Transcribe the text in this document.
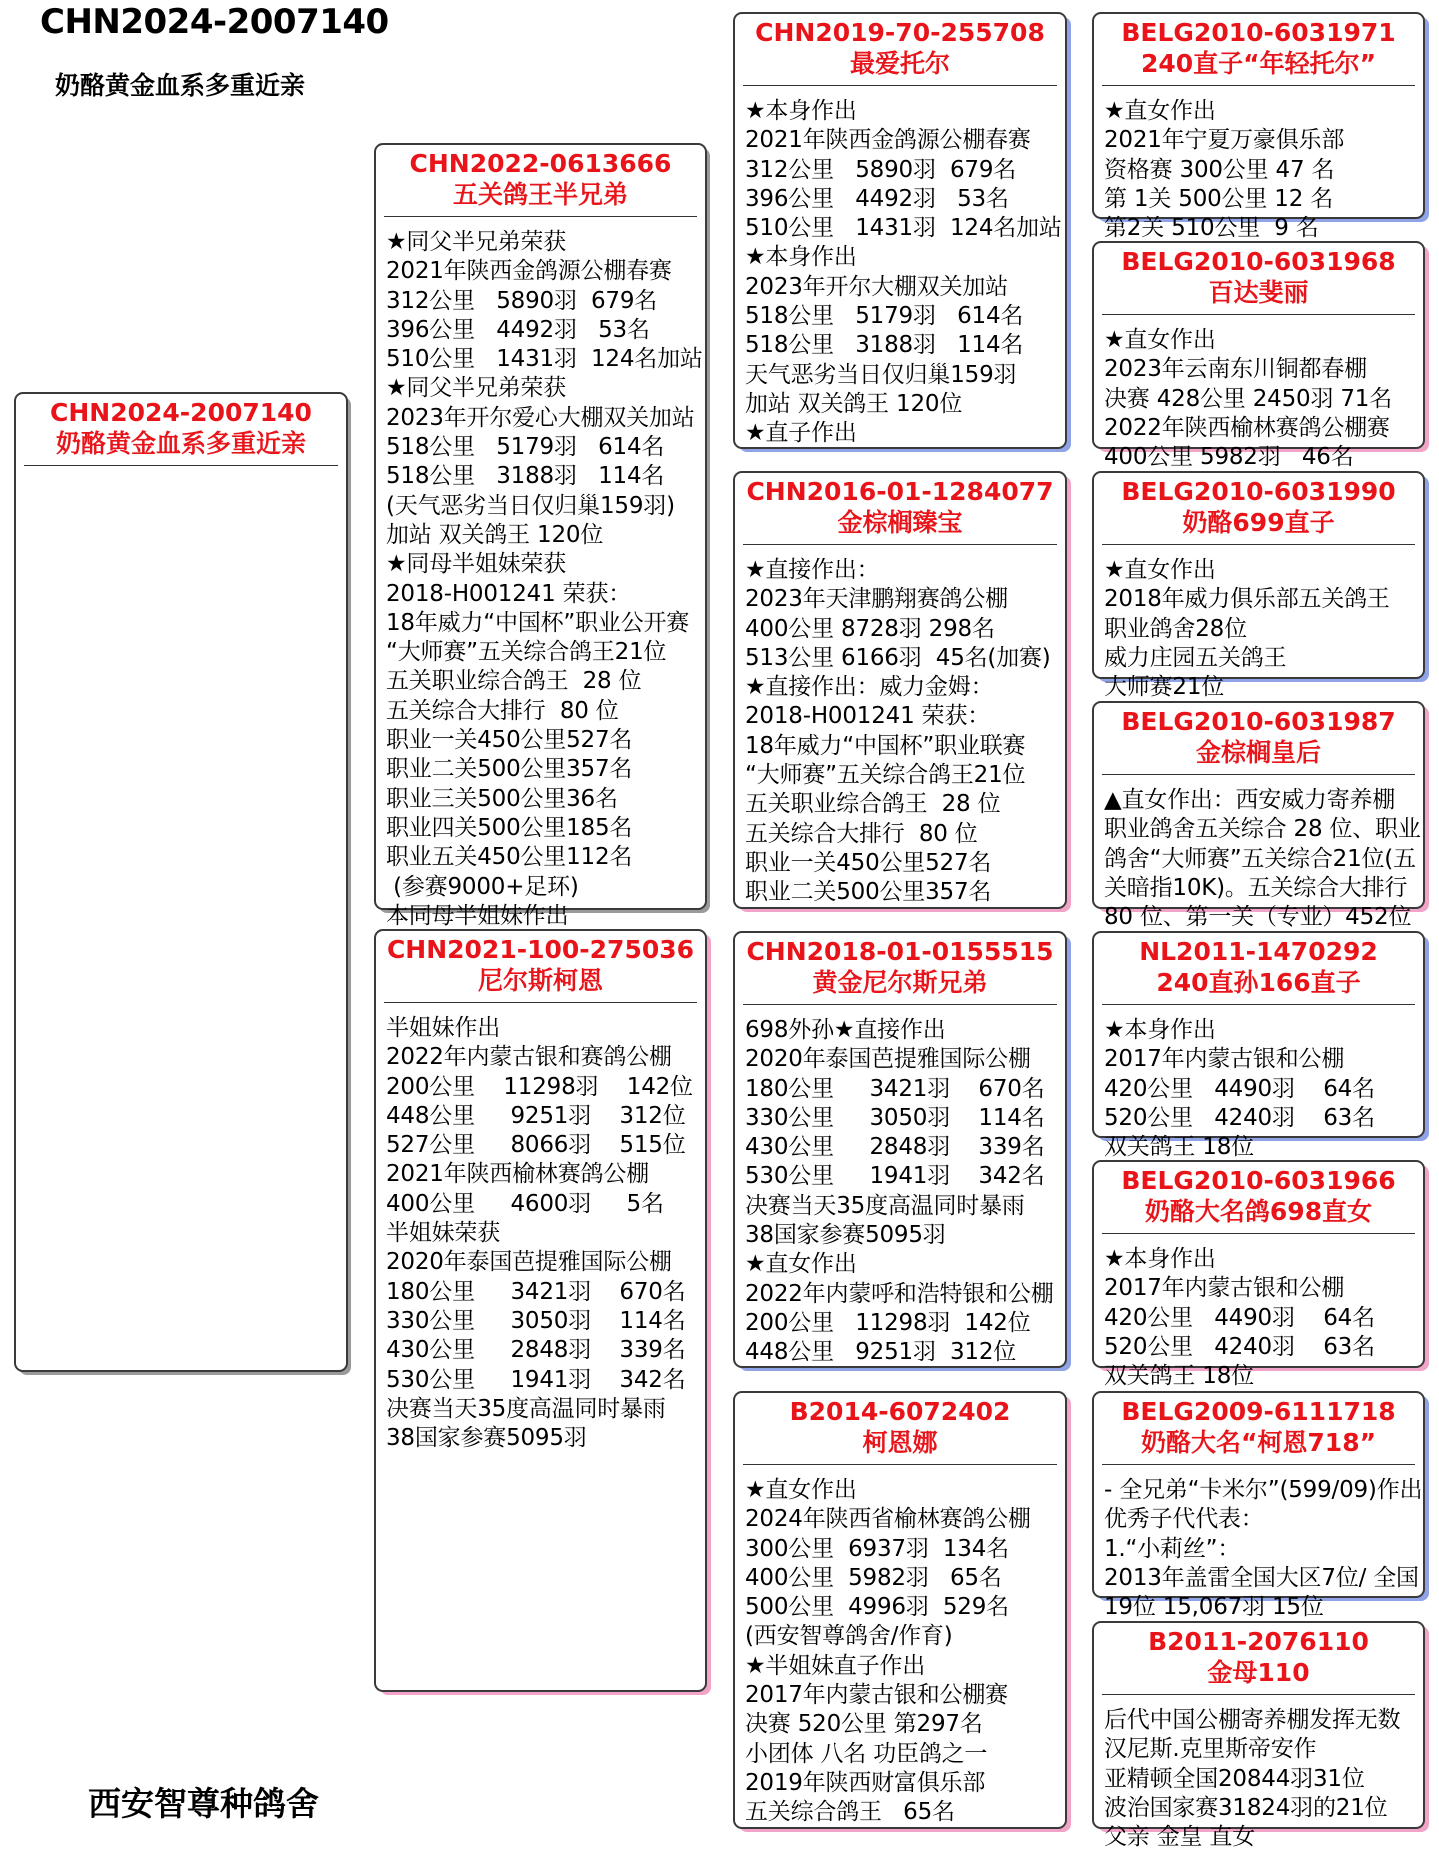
CHN2024-2007140
奶酪黄金血系多重近亲
西安智尊种鸽舍
CHN2024-2007140
奶酪黄金血系多重近亲
CHN2022-0613666
五关鸽王半兄弟
★同父半兄弟荣获
2021年陕西金鸽源公棚春赛
312公里   5890羽  679名
396公里   4492羽   53名
510公里   1431羽  124名加站
★同父半兄弟荣获
2023年开尔爱心大棚双关加站
518公里   5179羽   614名
518公里   3188羽   114名
(天气恶劣当日仅归巢159羽)
加站 双关鸽王 120位
★同母半姐妹荣获
2018-H001241 荣获：
18年威力“中国杯”职业公开赛
“大师赛”五关综合鸽王21位
五关职业综合鸽王  28 位
五关综合大排行  80 位
职业一关450公里527名
职业二关500公里357名
职业三关500公里36名
职业四关500公里185名
职业五关450公里112名
(参赛9000+足环)
本同母半姐妹作出
CHN2021-100-275036
尼尔斯柯恩
半姐妹作出
2022年内蒙古银和赛鸽公棚
200公里    11298羽    142位
448公里     9251羽    312位
527公里     8066羽    515位
2021年陕西榆林赛鸽公棚
400公里     4600羽     5名
半姐妹荣获
2020年泰国芭提雅国际公棚
180公里     3421羽    670名
330公里     3050羽    114名
430公里     2848羽    339名
530公里     1941羽    342名
决赛当天35度高温同时暴雨
38国家参赛5095羽
CHN2019-70-255708
最爱托尔
★本身作出
2021年陕西金鸽源公棚春赛
312公里   5890羽  679名
396公里   4492羽   53名
510公里   1431羽  124名加站
★本身作出
2023年开尔大棚双关加站
518公里   5179羽   614名
518公里   3188羽   114名
天气恶劣当日仅归巢159羽
加站 双关鸽王 120位
★直子作出
CHN2016-01-1284077
金棕榈臻宝
★直接作出：
2023年天津鹏翔赛鸽公棚
400公里 8728羽 298名
513公里 6166羽  45名(加赛)
★直接作出：威力金姆：
2018-H001241 荣获：
18年威力“中国杯”职业联赛
“大师赛”五关综合鸽王21位
五关职业综合鸽王  28 位
五关综合大排行  80 位
职业一关450公里527名
职业二关500公里357名
CHN2018-01-0155515
黄金尼尔斯兄弟
698外孙★直接作出
2020年泰国芭提雅国际公棚
180公里     3421羽    670名
330公里     3050羽    114名
430公里     2848羽    339名
530公里     1941羽    342名
决赛当天35度高温同时暴雨
38国家参赛5095羽
★直女作出
2022年内蒙呼和浩特银和公棚
200公里   11298羽  142位
448公里   9251羽  312位
B2014-6072402
柯恩娜
★直女作出
2024年陕西省榆林赛鸽公棚
300公里  6937羽  134名
400公里  5982羽   65名
500公里  4996羽  529名
(西安智尊鸽舍/作育)
★半姐妹直子作出
2017年内蒙古银和公棚赛
决赛 520公里 第297名
小团体 八名 功臣鸽之一
2019年陕西财富俱乐部
五关综合鸽王   65名
BELG2010-6031971
240直子“年轻托尔”
★直女作出
2021年宁夏万豪俱乐部
资格赛 300公里 47 名
第 1关 500公里 12 名
第2关 510公里  9 名
BELG2010-6031968
百达斐丽
★直女作出
2023年云南东川铜都春棚
决赛 428公里 2450羽 71名
2022年陕西榆林赛鸽公棚赛
400公里 5982羽   46名
BELG2010-6031990
奶酪699直子
★直女作出
2018年威力俱乐部五关鸽王
职业鸽舍28位
威力庄园五关鸽王
大师赛21位
BELG2010-6031987
金棕榈皇后
▲直女作出：西安威力寄养棚
职业鸽舍五关综合 28 位、职业
鸽舍“大师赛”五关综合21位(五
关暗指10K)。五关综合大排行
80 位、第一关（专业）452位
NL2011-1470292
240直孙166直子
★本身作出
2017年内蒙古银和公棚
420公里   4490羽    64名
520公里   4240羽    63名
双关鸽王 18位
BELG2010-6031966
奶酪大名鸽698直女
★本身作出
2017年内蒙古银和公棚
420公里   4490羽    64名
520公里   4240羽    63名
双关鸽王 18位
BELG2009-6111718
奶酪大名“柯恩718”
- 全兄弟“卡米尔”(599/09)作出
优秀子代代表：
1.“小莉丝”：
2013年盖雷全国大区7位/ 全国
19位 15,067羽 15位
B2011-2076110
金母110
后代中国公棚寄养棚发挥无数
汉尼斯.克里斯帝安作
亚精顿全国20844羽31位
波治国家赛31824羽的21位
父亲 金皇 直女
